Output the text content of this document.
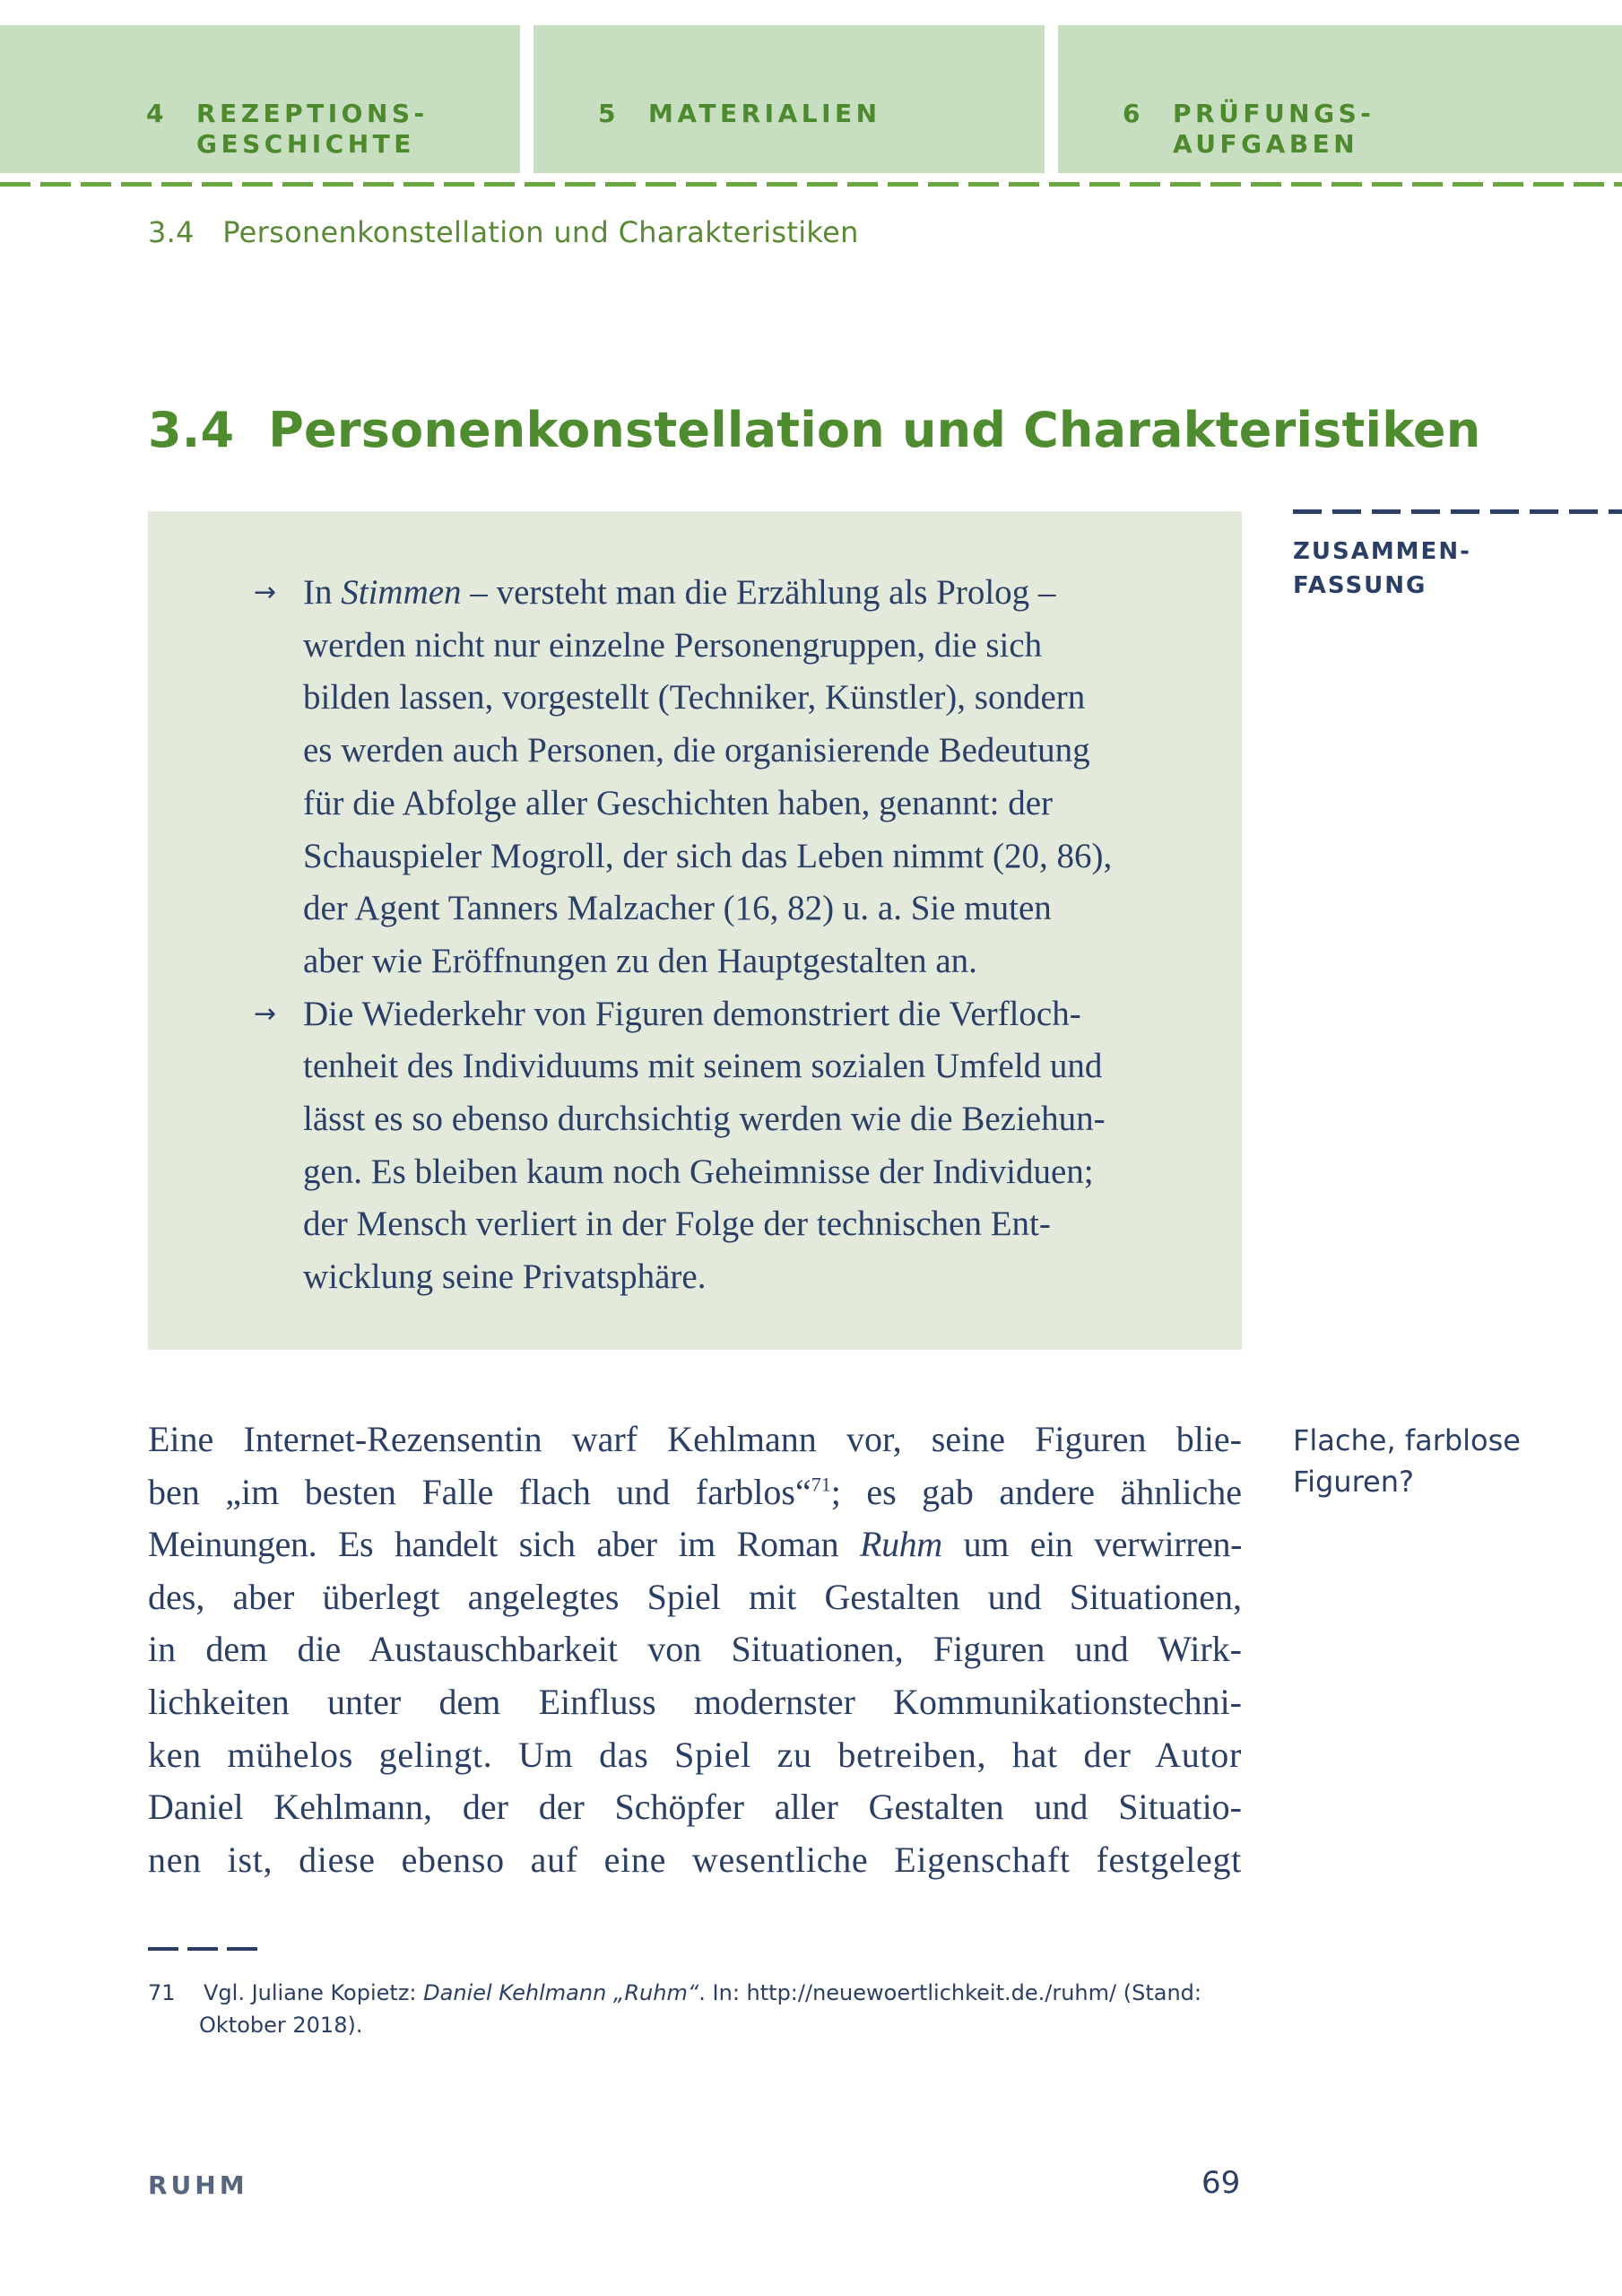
4	REZEPTIONS-
GESCHICHTE
5	MATERIALIEN	6	PRÜFUNGS-
AUFGABEN
3.4   Personenkonstellation und Charakteristiken
3.4  Personenkonstellation und Charakteristiken
ZUSAMMEN-
FASSUNG
→ In Stimmen – versteht man die Erzählung als Prolog –
werden nicht nur einzelne Personengruppen, die sich
bilden lassen, vorgestellt (Techniker, Künstler), sondern
es werden auch Personen, die organisierende Bedeutung
für die Abfolge aller Geschichten haben, genannt: der
Schauspieler Mogroll, der sich das Leben nimmt (20, 86),
der Agent Tanners Malzacher (16, 82) u. a. Sie muten
aber wie Eröffnungen zu den Hauptgestalten an.
→ Die Wiederkehr von Figuren demonstriert die Verfloch-
tenheit des Individuums mit seinem sozialen Umfeld und
lässt es so ebenso durchsichtig werden wie die Beziehun-
gen. Es bleiben kaum noch Geheimnisse der Individuen;
der Mensch verliert in der Folge der technischen Ent-
wicklung seine Privatsphäre.
Eine Internet-Rezensentin warf Kehlmann vor, seine Figuren blie-
ben „im besten Falle flach und farblos“$^{71}$; es gab andere ähnliche
Meinungen. Es handelt sich aber im Roman Ruhm um ein verwirren-
des, aber überlegt angelegtes Spiel mit Gestalten und Situationen,
in dem die Austauschbarkeit von Situationen, Figuren und Wirk-
lichkeiten unter dem Einfluss modernster Kommunikationstechni-
ken mühelos gelingt. Um das Spiel zu betreiben, hat der Autor
Daniel Kehlmann, der der Schöpfer aller Gestalten und Situatio-
nen ist, diese ebenso auf eine wesentliche Eigenschaft festgelegt
Flache, farblose
Figuren?
71 Vgl. Juliane Kopietz: Daniel Kehlmann „Ruhm“. In: http://neuewoertlichkeit.de./ruhm/ (Stand:
Oktober 2018).
RUHM	69
